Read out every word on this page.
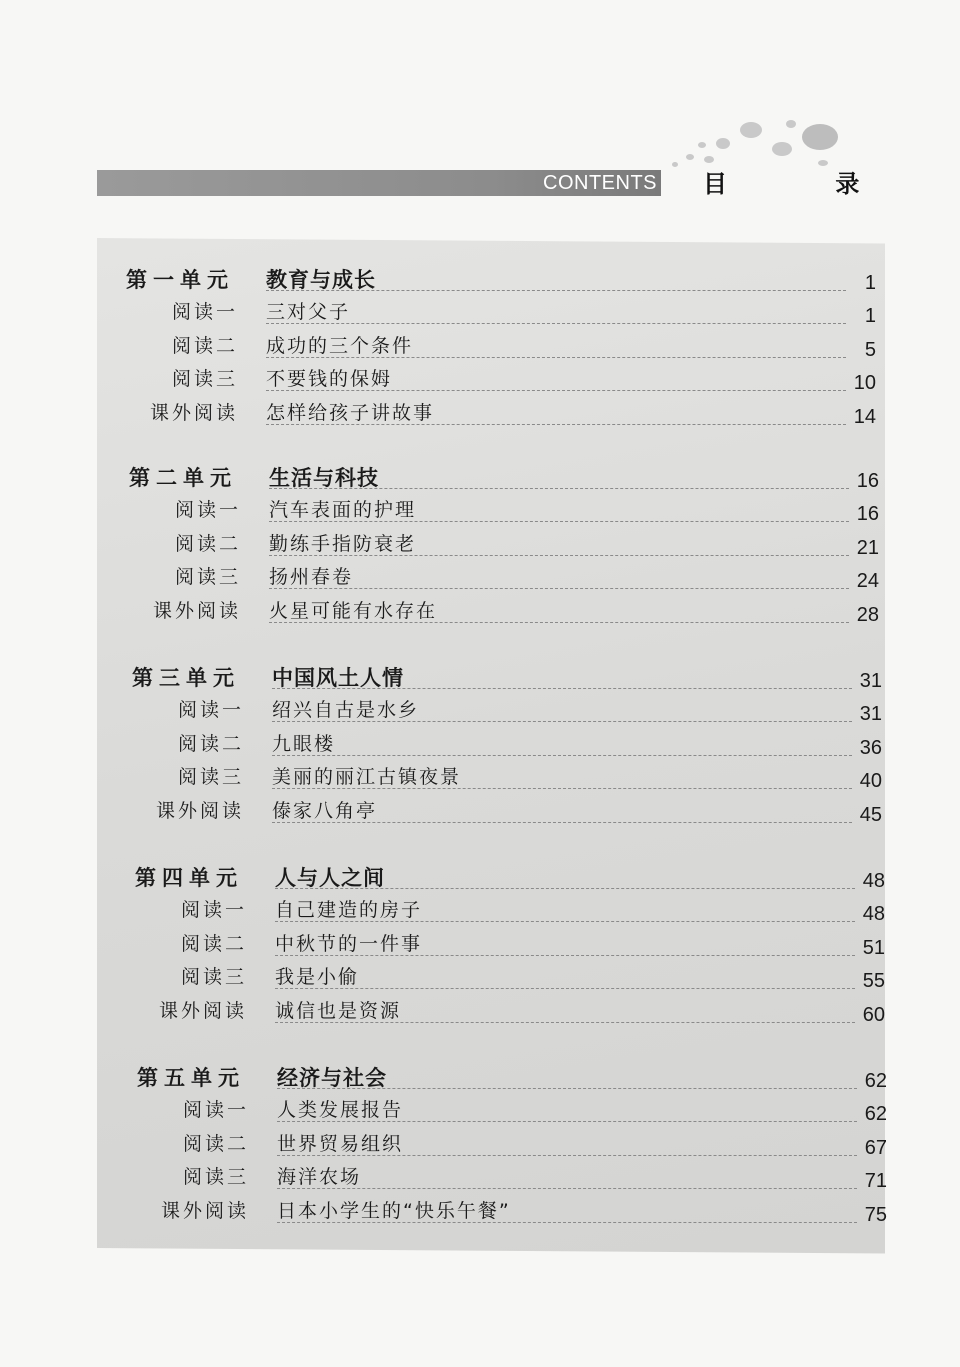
CONTENTS 目 录
第一单元 教育与成长	1
阅读一 三对父子	1
阅读二 成功的三个条件	5
阅读三 不要钱的保姆	10
课外阅读 怎样给孩子讲故事	14
第二单元 生活与科技	16
阅读一 汽车表面的护理	16
阅读二 勤练手指防衰老	21
阅读三 扬州春卷	24
课外阅读 火星可能有水存在	28
第三单元 中国风土人情	31
阅读一 绍兴自古是水乡	31
阅读二 九眼楼	36
阅读三 美丽的丽江古镇夜景	40
课外阅读 傣家八角亭	45
第四单元 人与人之间	48
阅读一 自己建造的房子	48
阅读二 中秋节的一件事	51
阅读三 我是小偷	55
课外阅读 诚信也是资源	60
第五单元 经济与社会	62
阅读一 人类发展报告	62
阅读二 世界贸易组织	67
阅读三 海洋农场	71
课外阅读 日本小学生的“快乐午餐”	75
